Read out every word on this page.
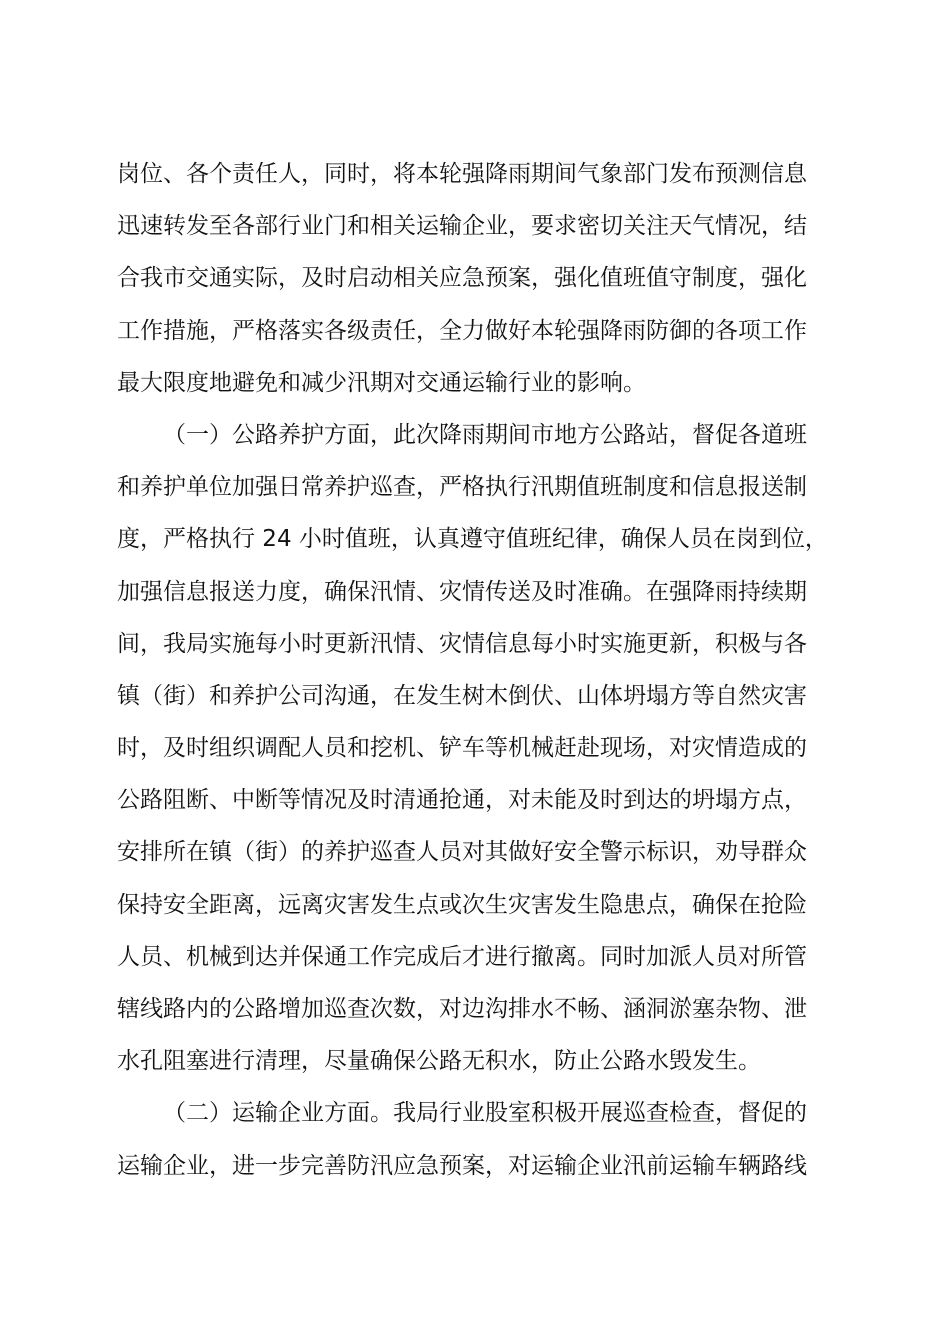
岗位、各个责任人，同时，将本轮强降雨期间气象部门发布预测信息
迅速转发至各部行业门和相关运输企业，要求密切关注天气情况，结
合我市交通实际，及时启动相关应急预案，强化值班值守制度，强化
工作措施，严格落实各级责任，全力做好本轮强降雨防御的各项工作
最大限度地避免和减少汛期对交通运输行业的影响。
（一）公路养护方面，此次降雨期间市地方公路站，督促各道班
和养护单位加强日常养护巡查，严格执行汛期值班制度和信息报送制
度，严格执行 24 小时值班，认真遵守值班纪律，确保人员在岗到位，
加强信息报送力度，确保汛情、灾情传送及时准确。在强降雨持续期
间，我局实施每小时更新汛情、灾情信息每小时实施更新，积极与各
镇（街）和养护公司沟通，在发生树木倒伏、山体坍塌方等自然灾害
时，及时组织调配人员和挖机、铲车等机械赶赴现场，对灾情造成的
公路阻断、中断等情况及时清通抢通，对未能及时到达的坍塌方点，
安排所在镇（街）的养护巡查人员对其做好安全警示标识，劝导群众
保持安全距离，远离灾害发生点或次生灾害发生隐患点，确保在抢险
人员、机械到达并保通工作完成后才进行撤离。同时加派人员对所管
辖线路内的公路增加巡查次数，对边沟排水不畅、涵洞淤塞杂物、泄
水孔阻塞进行清理，尽量确保公路无积水，防止公路水毁发生。
（二）运输企业方面。我局行业股室积极开展巡查检查，督促的
运输企业，进一步完善防汛应急预案，对运输企业汛前运输车辆路线
